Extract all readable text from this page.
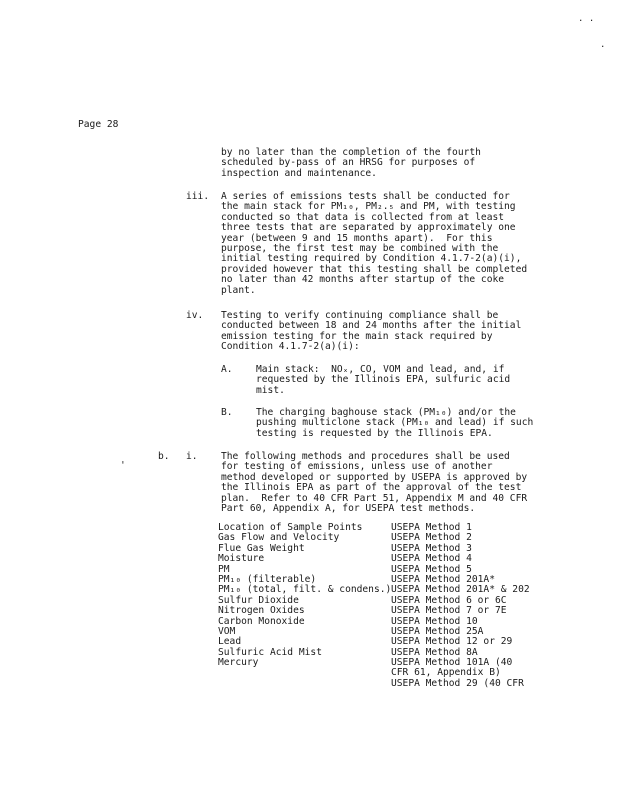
. .
.
Page 28
by no later than the completion of the fourth
scheduled by-pass of an HRSG for purposes of
inspection and maintenance.
iii. A series of emissions tests shall be conducted for
the main stack for PM₁₀, PM₂.₅ and PM, with testing
conducted so that data is collected from at least
three tests that are separated by approximately one
year (between 9 and 15 months apart).  For this
purpose, the first test may be combined with the
initial testing required by Condition 4.1.7-2(a)(i),
provided however that this testing shall be completed
no later than 42 months after startup of the coke
plant.
iv. Testing to verify continuing compliance shall be
conducted between 18 and 24 months after the initial
emission testing for the main stack required by
Condition 4.1.7-2(a)(i):
A. Main stack:  NOₓ, CO, VOM and lead, and, if
requested by the Illinois EPA, sulfuric acid
mist.
B. The charging baghouse stack (PM₁₀) and/or the
pushing multiclone stack (PM₁₀ and lead) if such
testing is requested by the Illinois EPA.
b. i.
'
The following methods and procedures shall be used
for testing of emissions, unless use of another
method developed or supported by USEPA is approved by
the Illinois EPA as part of the approval of the test
plan.  Refer to 40 CFR Part 51, Appendix M and 40 CFR
Part 60, Appendix A, for USEPA test methods.
Location of Sample Points	USEPA Method 1
Gas Flow and Velocity	USEPA Method 2
Flue Gas Weight	USEPA Method 3
Moisture	USEPA Method 4
PM	USEPA Method 5
PM₁₀ (filterable)	USEPA Method 201A*
PM₁₀ (total, filt. & condens.) USEPA Method 201A* & 202
Sulfur Dioxide	USEPA Method 6 or 6C
Nitrogen Oxides	USEPA Method 7 or 7E
Carbon Monoxide	USEPA Method 10
VOM	USEPA Method 25A
Lead	USEPA Method 12 or 29
Sulfuric Acid Mist	USEPA Method 8A
Mercury	USEPA Method 101A (40
CFR 61, Appendix B)
USEPA Method 29 (40 CFR
